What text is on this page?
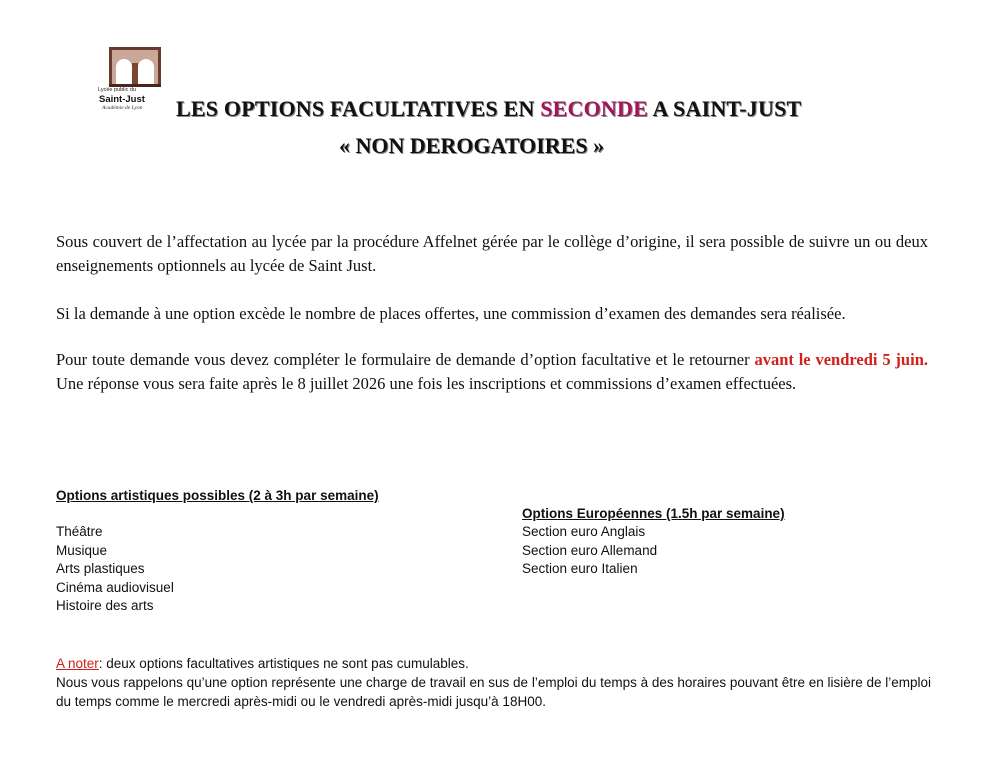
Lycée public du
Saint-Just
Académie de Lyon LES OPTIONS FACULTATIVES EN SECONDE A SAINT-JUST
« NON DEROGATOIRES »

Sous couvert de l’affectation au lycée par la procédure Affelnet gérée par le collège d’origine, il sera possible de suivre un ou deux enseignements optionnels au lycée de Saint Just.

Si la demande à une option excède le nombre de places offertes, une commission d’examen des demandes sera réalisée.

Pour toute demande vous devez compléter le formulaire de demande d’option facultative et le retourner avant le vendredi 5 juin. Une réponse vous sera faite après le 8 juillet 2026 une fois les inscriptions et commissions d’examen effectuées.

Options artistiques possibles (2 à 3h par semaine)
Théâtre
Musique
Arts plastiques
Cinéma audiovisuel
Histoire des arts
Options Européennes (1.5h par semaine)
Section euro Anglais
Section euro Allemand
Section euro Italien

A noter: deux options facultatives artistiques ne sont pas cumulables.
Nous vous rappelons qu’une option représente une charge de travail en sus de l’emploi du temps à des horaires pouvant être en lisière de l’emploi du temps comme le mercredi après-midi ou le vendredi après-midi jusqu’à 18H00.
